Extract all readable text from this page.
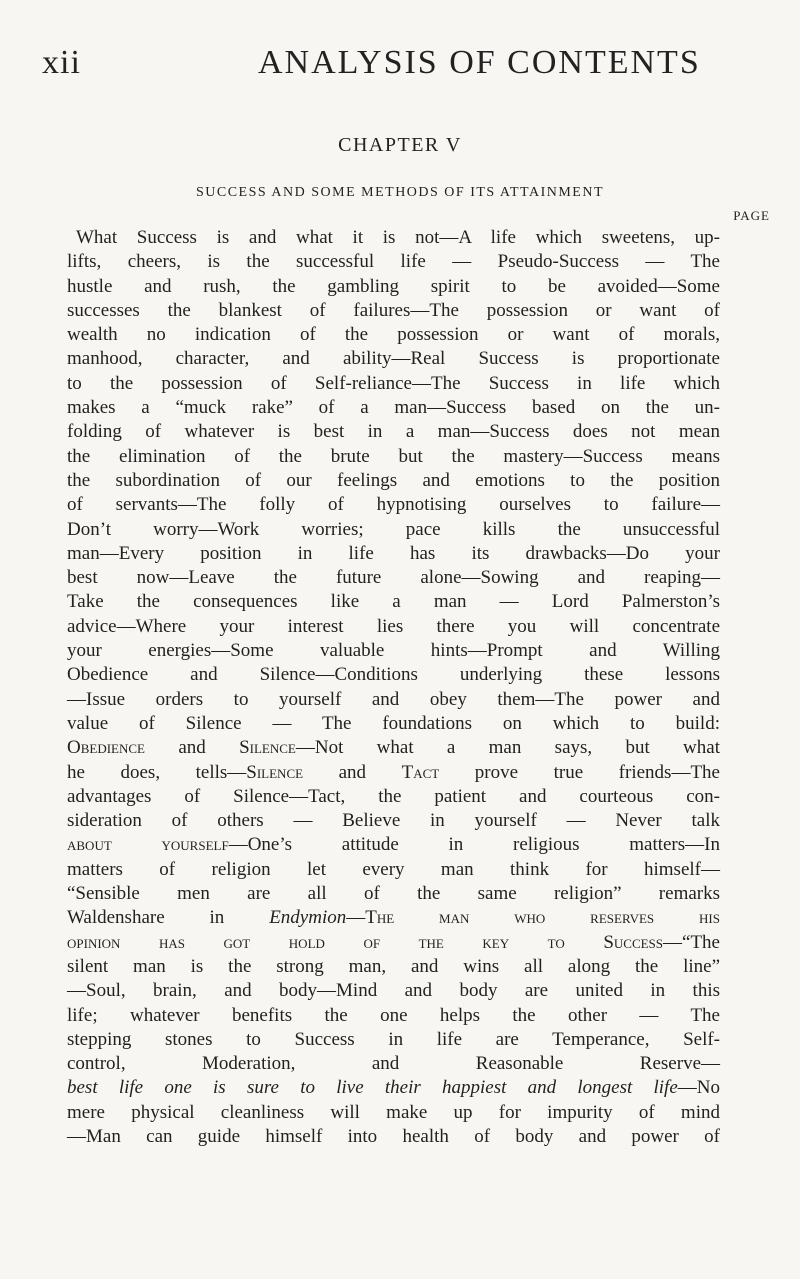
xii	ANALYSIS OF CONTENTS
CHAPTER V
SUCCESS AND SOME METHODS OF ITS ATTAINMENT
PAGE
What Success is and what it is not—A life which sweetens, up-
lifts, cheers, is the successful life — Pseudo-Success — The
hustle and rush, the gambling spirit to be avoided—Some
successes the blankest of failures—The possession or want of
wealth no indication of the possession or want of morals,
manhood, character, and ability—Real Success is proportionate
to the possession of Self-reliance—The Success in life which
makes a “muck rake” of a man—Success based on the un-
folding of whatever is best in a man—Success does not mean
the elimination of the brute but the mastery—Success means
the subordination of our feelings and emotions to the position
of servants—The folly of hypnotising ourselves to failure—
Don’t worry—Work worries; pace kills the unsuccessful
man—Every position in life has its drawbacks—Do your
best now—Leave the future alone—Sowing and reaping—
Take the consequences like a man — Lord Palmerston’s
advice—Where your interest lies there you will concentrate
your energies—Some valuable hints—Prompt and Willing
Obedience and Silence—Conditions underlying these lessons
—Issue orders to yourself and obey them—The power and
value of Silence — The foundations on which to build:
Obedience and Silence—Not what a man says, but what
he does, tells—Silence and Tact prove true friends—The
advantages of Silence—Tact, the patient and courteous con-
sideration of others — Believe in yourself — Never talk
about yourself—One’s attitude in religious matters—In
matters of religion let every man think for himself—
“Sensible men are all of the same religion” remarks
Waldenshare in Endymion—The man who reserves his
opinion has got hold of the key to Success—“The
silent man is the strong man, and wins all along the line”
—Soul, brain, and body—Mind and body are united in this
life; whatever benefits the one helps the other — The
stepping stones to Success in life are Temperance, Self-
control, Moderation, and Reasonable Reserve—
best life one is sure to live their happiest and longest life—No
mere physical cleanliness will make up for impurity of mind
—Man can guide himself into health of body and power of
